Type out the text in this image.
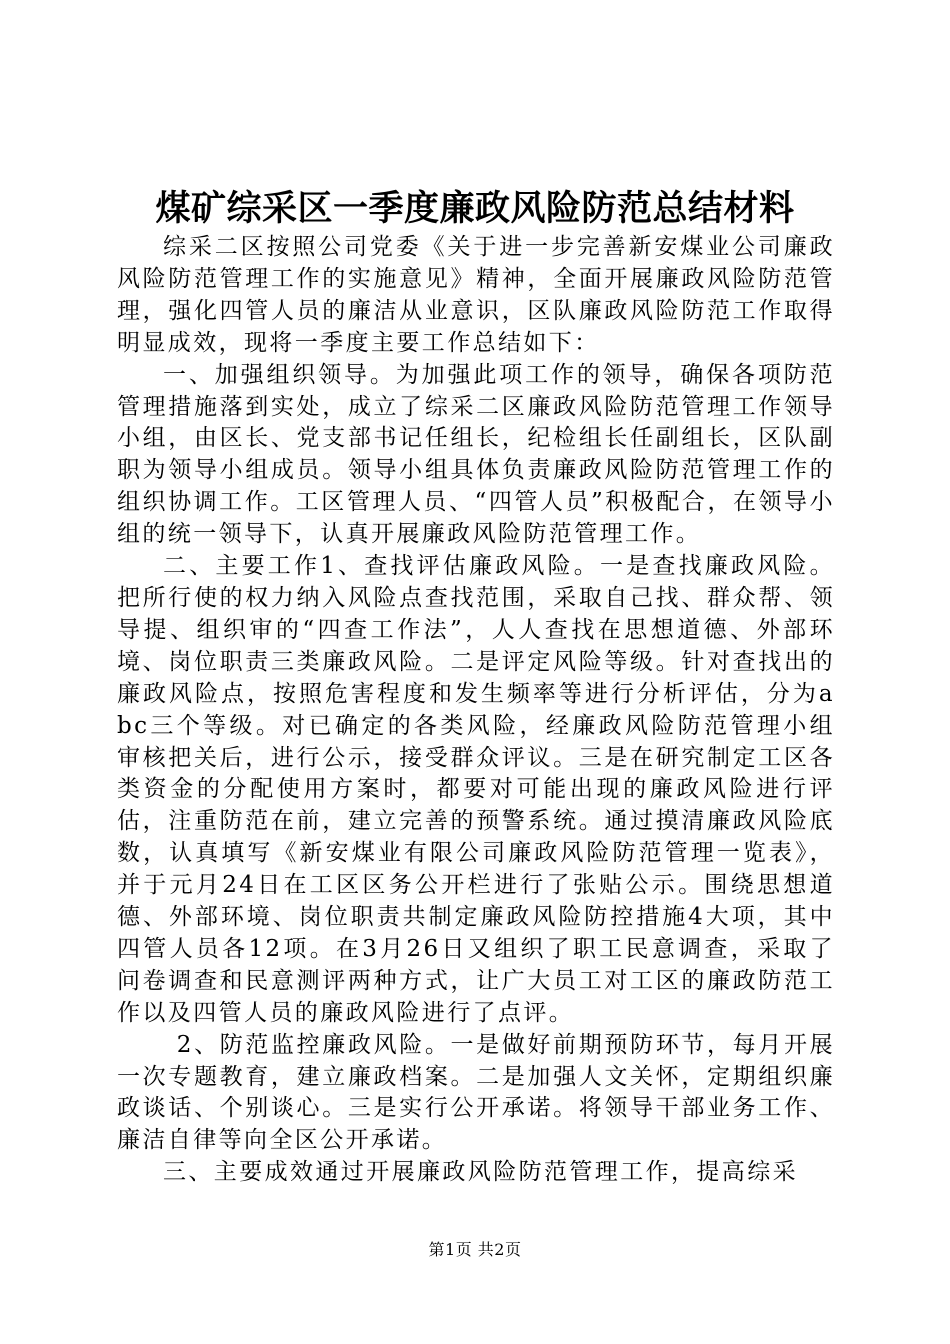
煤矿综采区一季度廉政风险防范总结材料

综采二区按照公司党委《关于进一步完善新安煤业公司廉政风险防范管理工作的实施意见》精神，全面开展廉政风险防范管理，强化四管人员的廉洁从业意识，区队廉政风险防范工作取得明显成效，现将一季度主要工作总结如下：

一、加强组织领导。为加强此项工作的领导，确保各项防范管理措施落到实处，成立了综采二区廉政风险防范管理工作领导小组，由区长、党支部书记任组长，纪检组长任副组长，区队副职为领导小组成员。领导小组具体负责廉政风险防范管理工作的组织协调工作。工区管理人员、“四管人员”积极配合，在领导小组的统一领导下，认真开展廉政风险防范管理工作。

二、主要工作1、查找评估廉政风险。一是查找廉政风险。把所行使的权力纳入风险点查找范围，采取自己找、群众帮、领导提、组织审的“四查工作法”，人人查找在思想道德、外部环境、岗位职责三类廉政风险。二是评定风险等级。针对查找出的廉政风险点，按照危害程度和发生频率等进行分析评估，分为abc三个等级。对已确定的各类风险，经廉政风险防范管理小组审核把关后，进行公示，接受群众评议。三是在研究制定工区各类资金的分配使用方案时，都要对可能出现的廉政风险进行评估，注重防范在前，建立完善的预警系统。通过摸清廉政风险底数，认真填写《新安煤业有限公司廉政风险防范管理一览表》，并于元月24日在工区区务公开栏进行了张贴公示。围绕思想道德、外部环境、岗位职责共制定廉政风险防控措施4大项，其中四管人员各12项。在3月26日又组织了职工民意调查，采取了问卷调查和民意测评两种方式，让广大员工对工区的廉政防范工作以及四管人员的廉政风险进行了点评。

2、防范监控廉政风险。一是做好前期预防环节，每月开展一次专题教育，建立廉政档案。二是加强人文关怀，定期组织廉政谈话、个别谈心。三是实行公开承诺。将领导干部业务工作、廉洁自律等向全区公开承诺。

三、主要成效通过开展廉政风险防范管理工作，提高综采

第1页 共2页
